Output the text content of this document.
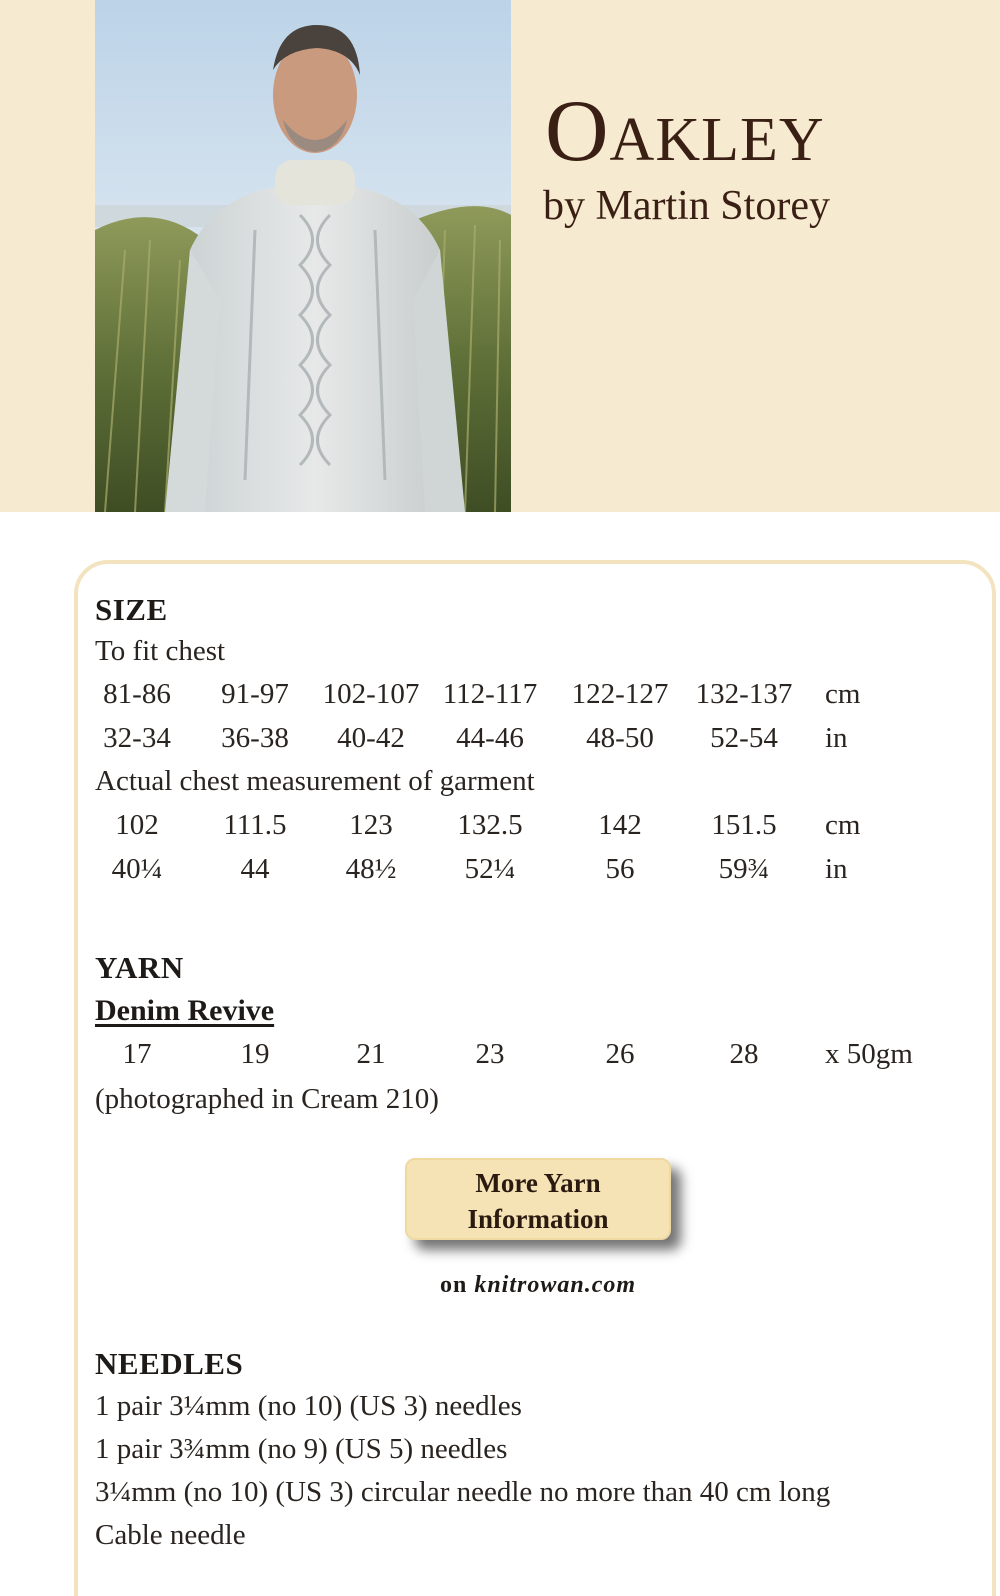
Oakley
by Martin Storey
SIZE
To fit chest
81-86	91-97	102-107 112-117	122-127 132-137	cm
32-34	36-38	40-42	44-46	48-50	52-54	in
Actual chest measurement of garment
102	111.5	123	132.5	142	151.5	cm
40¼	44	48½	52¼	56	59¾	in
YARN
Denim Revive
17	19	21	23	26	28	x 50gm
(photographed in Cream 210)
More Yarn
Information
on knitrowan.com
NEEDLES
1 pair 3¼mm (no 10) (US 3) needles
1 pair 3¾mm (no 9) (US 5) needles
3¼mm (no 10) (US 3) circular needle no more than 40 cm long
Cable needle
